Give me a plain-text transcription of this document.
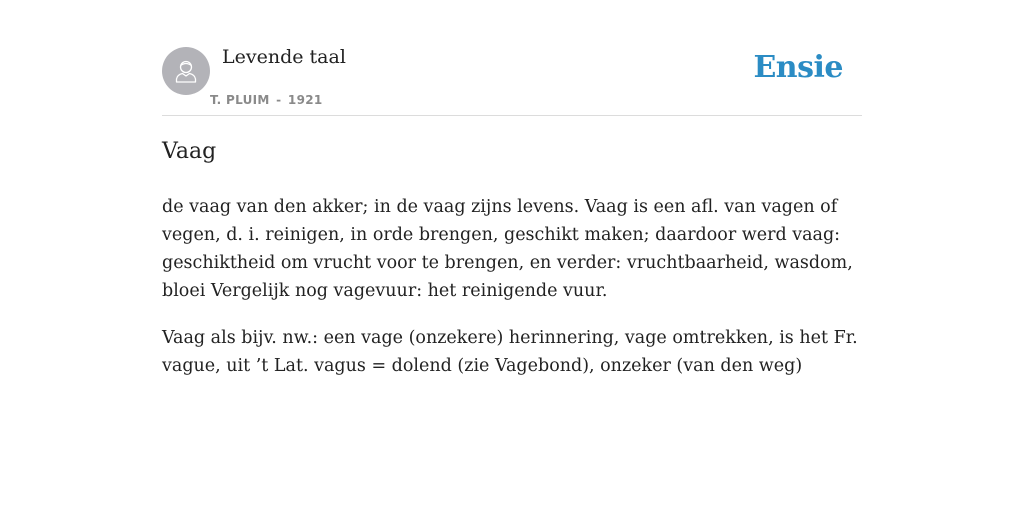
Levende taal
T. PLUIM - 1921
Ensie
Vaag

de vaag van den akker; in de vaag zijns levens. Vaag is een afl. van vagen of vegen, d. i. reinigen, in orde brengen, geschikt maken; daardoor werd vaag: geschiktheid om vrucht voor te brengen, en verder: vruchtbaarheid, wasdom, bloei Vergelijk nog vagevuur: het reinigende vuur.

Vaag als bijv. nw.: een vage (onzekere) herinnering, vage omtrekken, is het Fr. vague, uit ’t Lat. vagus = dolend (zie Vagebond), onzeker (van den weg)
